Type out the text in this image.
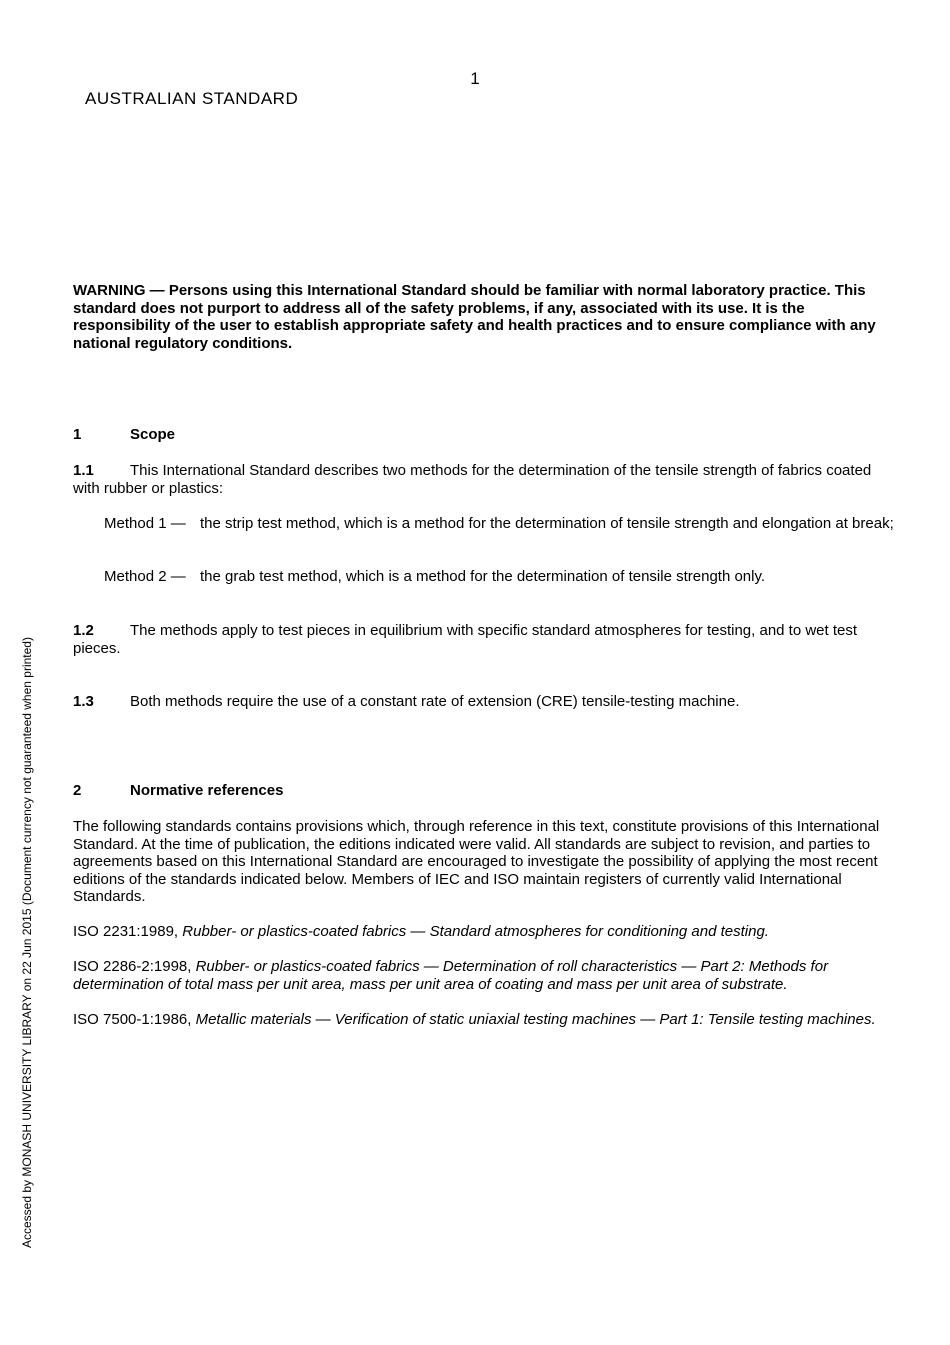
1
AUSTRALIAN STANDARD
WARNING — Persons using this International Standard should be familiar with normal laboratory practice. This standard does not purport to address all of the safety problems, if any, associated with its use. It is the responsibility of the user to establish appropriate safety and health practices and to ensure compliance with any national regulatory conditions.
1	Scope
1.1 This International Standard describes two methods for the determination of the tensile strength of fabrics coated with rubber or plastics:
Method 1 — the strip test method, which is a method for the determination of tensile strength and elongation at break;
Method 2 — the grab test method, which is a method for the determination of tensile strength only.
1.2 The methods apply to test pieces in equilibrium with specific standard atmospheres for testing, and to wet test pieces.
1.3 Both methods require the use of a constant rate of extension (CRE) tensile-testing machine.
2	Normative references
The following standards contains provisions which, through reference in this text, constitute provisions of this International Standard. At the time of publication, the editions indicated were valid. All standards are subject to revision, and parties to agreements based on this International Standard are encouraged to investigate the possibility of applying the most recent editions of the standards indicated below. Members of IEC and ISO maintain registers of currently valid International Standards.
ISO 2231:1989, Rubber- or plastics-coated fabrics — Standard atmospheres for conditioning and testing.
ISO 2286-2:1998, Rubber- or plastics-coated fabrics — Determination of roll characteristics — Part 2: Methods for determination of total mass per unit area, mass per unit area of coating and mass per unit area of substrate.
ISO 7500-1:1986, Metallic materials — Verification of static uniaxial testing machines — Part 1: Tensile testing machines.
Accessed by MONASH UNIVERSITY LIBRARY on 22 Jun 2015 (Document currency not guaranteed when printed)
